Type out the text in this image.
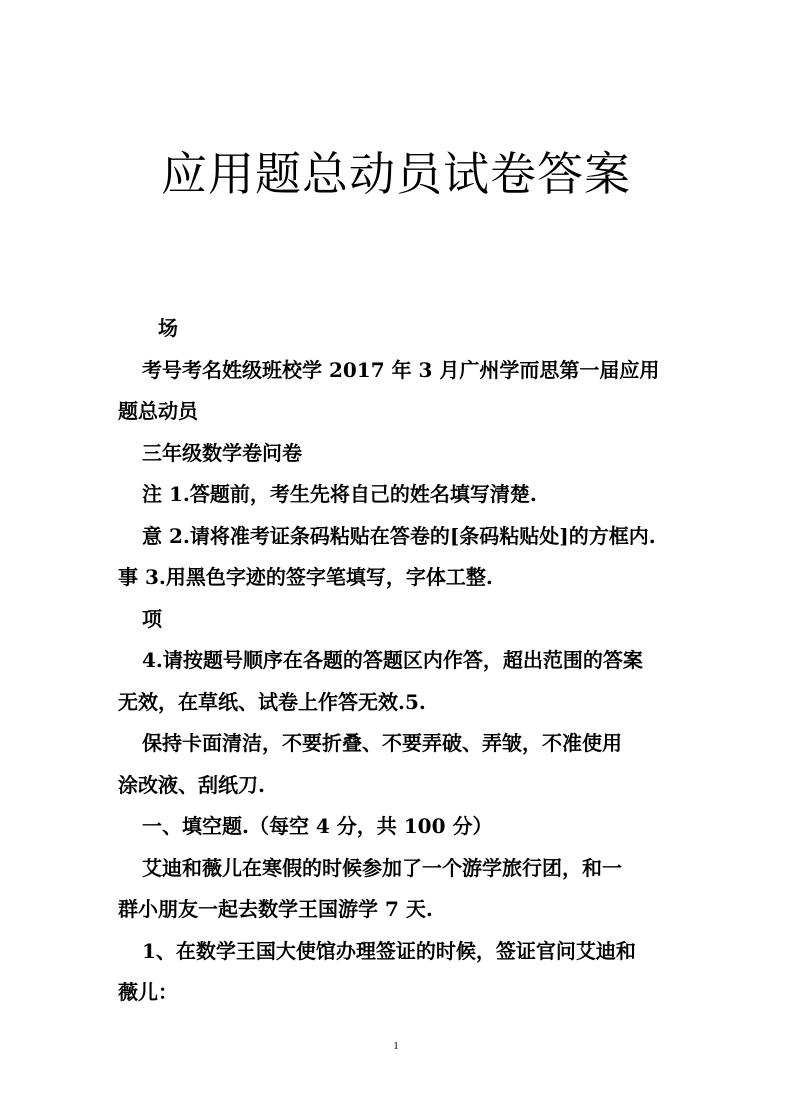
应用题总动员试卷答案

场

考号考名姓级班校学 2017 年 3 月广州学而思第一届应用

题总动员

三年级数学卷问卷

注 1.答题前，考生先将自己的姓名填写清楚.

意 2.请将准考证条码粘贴在答卷的[条码粘贴处]的方框内.

事 3.用黑色字迹的签字笔填写，字体工整.

项

4.请按题号顺序在各题的答题区内作答，超出范围的答案

无效，在草纸、试卷上作答无效.5.

保持卡面清洁，不要折叠、不要弄破、弄皱，不准使用

涂改液、刮纸刀.

一、填空题.（每空 4 分，共 100 分）

艾迪和薇儿在寒假的时候参加了一个游学旅行团，和一

群小朋友一起去数学王国游学 7 天.

1、在数学王国大使馆办理签证的时候，签证官问艾迪和

薇儿：

1
